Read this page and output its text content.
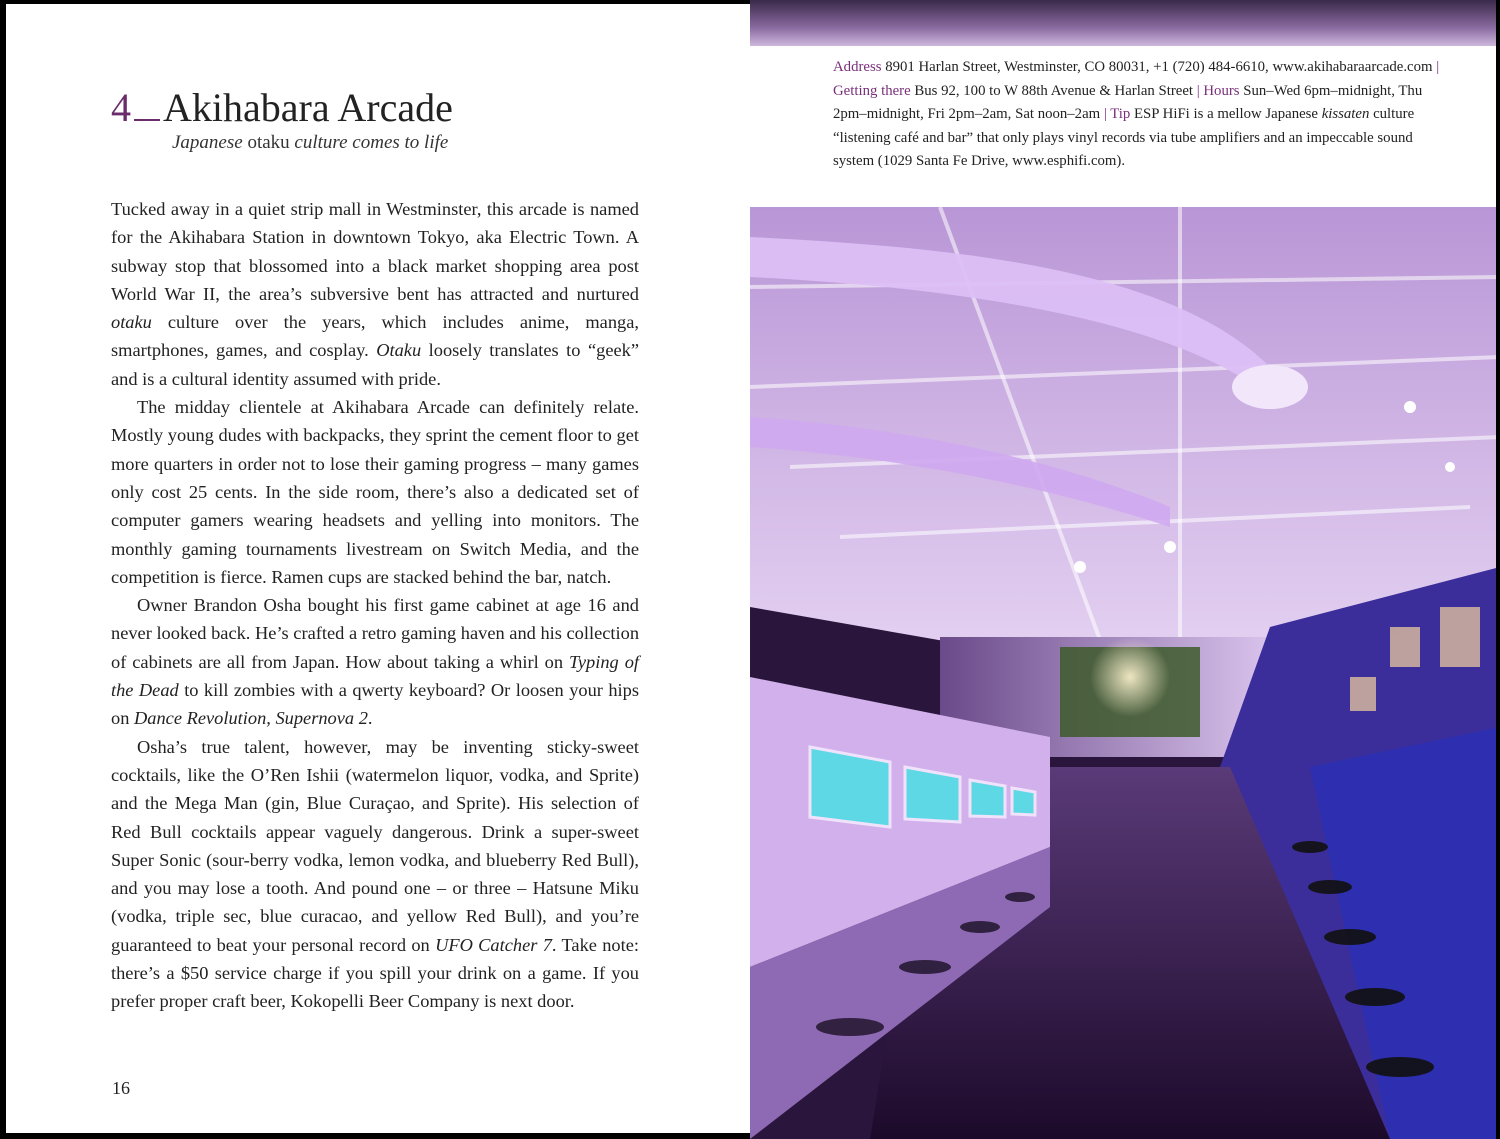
4 Akihabara Arcade

Japanese otaku culture comes to life

Tucked away in a quiet strip mall in Westminster, this arcade is named for the Akihabara Station in downtown Tokyo, aka Electric Town. A subway stop that blossomed into a black market shopping area post World War II, the area’s subversive bent has attracted and nurtured otaku culture over the years, which includes anime, manga, smartphones, games, and cosplay. Otaku loosely translates to “geek” and is a cultural identity assumed with pride.

The midday clientele at Akihabara Arcade can definitely relate. Mostly young dudes with backpacks, they sprint the cement floor to get more quarters in order not to lose their gaming progress – many games only cost 25 cents. In the side room, there’s also a dedicated set of computer gamers wearing headsets and yelling into monitors. The monthly gaming tournaments livestream on Switch Media, and the competition is fierce. Ramen cups are stacked behind the bar, natch.

Owner Brandon Osha bought his first game cabinet at age 16 and never looked back. He’s crafted a retro gaming haven and his collection of cabinets are all from Japan. How about taking a whirl on Typing of the Dead to kill zombies with a qwerty keyboard? Or loosen your hips on Dance Revolution, Supernova 2.

Osha’s true talent, however, may be inventing sticky-sweet cocktails, like the O’Ren Ishii (watermelon liquor, vodka, and Sprite) and the Mega Man (gin, Blue Curaçao, and Sprite). His selection of Red Bull cocktails appear vaguely dangerous. Drink a super-sweet Super Sonic (sour-berry vodka, lemon vodka, and blueberry Red Bull), and you may lose a tooth. And pound one – or three – Hatsune Miku (vodka, triple sec, blue curacao, and yellow Red Bull), and you’re guaranteed to beat your personal record on UFO Catcher 7. Take note: there’s a $50 service charge if you spill your drink on a game. If you prefer proper craft beer, Kokopelli Beer Company is next door.

16
Address 8901 Harlan Street, Westminster, CO 80031, +1 (720) 484-6610, www.akihabaraarcade.com | Getting there Bus 92, 100 to W 88th Avenue & Harlan Street | Hours Sun–Wed 6pm–midnight, Thu 2pm–midnight, Fri 2pm–2am, Sat noon–2am | Tip ESP HiFi is a mellow Japanese kissaten culture “listening café and bar” that only plays vinyl records via tube amplifiers and an impeccable sound system (1029 Santa Fe Drive, www.esphifi.com).
